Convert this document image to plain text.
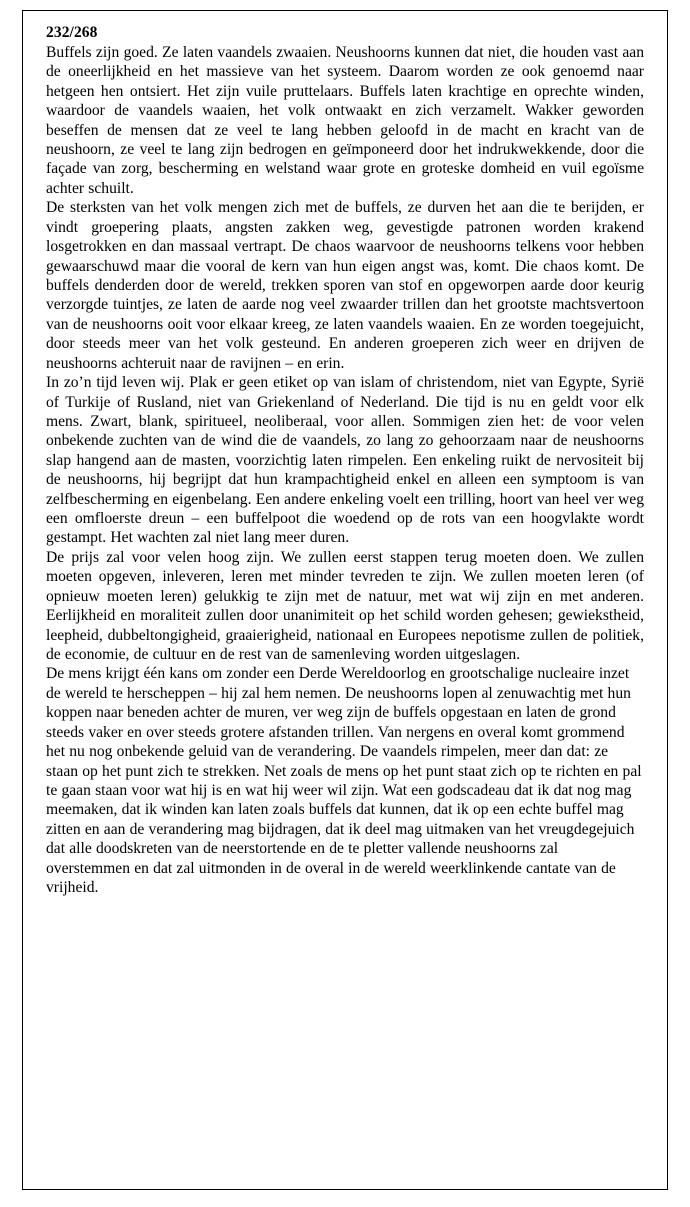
232/268

Buffels zijn goed. Ze laten vaandels zwaaien. Neushoorns kunnen dat niet, die houden vast aan de oneerlijkheid en het massieve van het systeem. Daarom worden ze ook genoemd naar hetgeen hen ontsiert. Het zijn vuile pruttelaars. Buffels laten krachtige en oprechte winden, waardoor de vaandels waaien, het volk ontwaakt en zich verzamelt. Wakker geworden beseffen de mensen dat ze veel te lang hebben geloofd in de macht en kracht van de neushoorn, ze veel te lang zijn bedrogen en geïmponeerd door het indrukwekkende, door die façade van zorg, bescherming en welstand waar grote en groteske domheid en vuil egoïsme achter schuilt.

De sterksten van het volk mengen zich met de buffels, ze durven het aan die te berijden, er vindt groepering plaats, angsten zakken weg, gevestigde patronen worden krakend losgetrokken en dan massaal vertrapt. De chaos waarvoor de neushoorns telkens voor hebben gewaarschuwd maar die vooral de kern van hun eigen angst was, komt. Die chaos komt. De buffels denderden door de wereld, trekken sporen van stof en opgeworpen aarde door keurig verzorgde tuintjes, ze laten de aarde nog veel zwaarder trillen dan het grootste machtsvertoon van de neushoorns ooit voor elkaar kreeg, ze laten vaandels waaien. En ze worden toegejuicht, door steeds meer van het volk gesteund. En anderen groeperen zich weer en drijven de neushoorns achteruit naar de ravijnen – en erin.

In zo’n tijd leven wij. Plak er geen etiket op van islam of christendom, niet van Egypte, Syrië of Turkije of Rusland, niet van Griekenland of Nederland. Die tijd is nu en geldt voor elk mens. Zwart, blank, spiritueel, neoliberaal, voor allen. Sommigen zien het: de voor velen onbekende zuchten van de wind die de vaandels, zo lang zo gehoorzaam naar de neushoorns slap hangend aan de masten, voorzichtig laten rimpelen. Een enkeling ruikt de nervositeit bij de neushoorns, hij begrijpt dat hun krampachtigheid enkel en alleen een symptoom is van zelfbescherming en eigenbelang. Een andere enkeling voelt een trilling, hoort van heel ver weg een omfloerste dreun – een buffelpoot die woedend op de rots van een hoogvlakte wordt gestampt. Het wachten zal niet lang meer duren.

De prijs zal voor velen hoog zijn. We zullen eerst stappen terug moeten doen. We zullen moeten opgeven, inleveren, leren met minder tevreden te zijn. We zullen moeten leren (of opnieuw moeten leren) gelukkig te zijn met de natuur, met wat wij zijn en met anderen. Eerlijkheid en moraliteit zullen door unanimiteit op het schild worden gehesen; gewiekstheid, leepheid, dubbeltongigheid, graaierigheid, nationaal en Europees nepotisme zullen de politiek, de economie, de cultuur en de rest van de samenleving worden uitgeslagen.

De mens krijgt één kans om zonder een Derde Wereldoorlog en grootschalige nucleaire inzet de wereld te herscheppen – hij zal hem nemen. De neushoorns lopen al zenuwachtig met hun koppen naar beneden achter de muren, ver weg zijn de buffels opgestaan en laten de grond steeds vaker en over steeds grotere afstanden trillen. Van nergens en overal komt grommend het nu nog onbekende geluid van de verandering. De vaandels rimpelen, meer dan dat: ze staan op het punt zich te strekken. Net zoals de mens op het punt staat zich op te richten en pal te gaan staan voor wat hij is en wat hij weer wil zijn. Wat een godscadeau dat ik dat nog mag meemaken, dat ik winden kan laten zoals buffels dat kunnen, dat ik op een echte buffel mag zitten en aan de verandering mag bijdragen, dat ik deel mag uitmaken van het vreugdegejuich dat alle doodskreten van de neerstortende en de te pletter vallende neushoorns zal overstemmen en dat zal uitmonden in de overal in de wereld weerklinkende cantate van de vrijheid.
